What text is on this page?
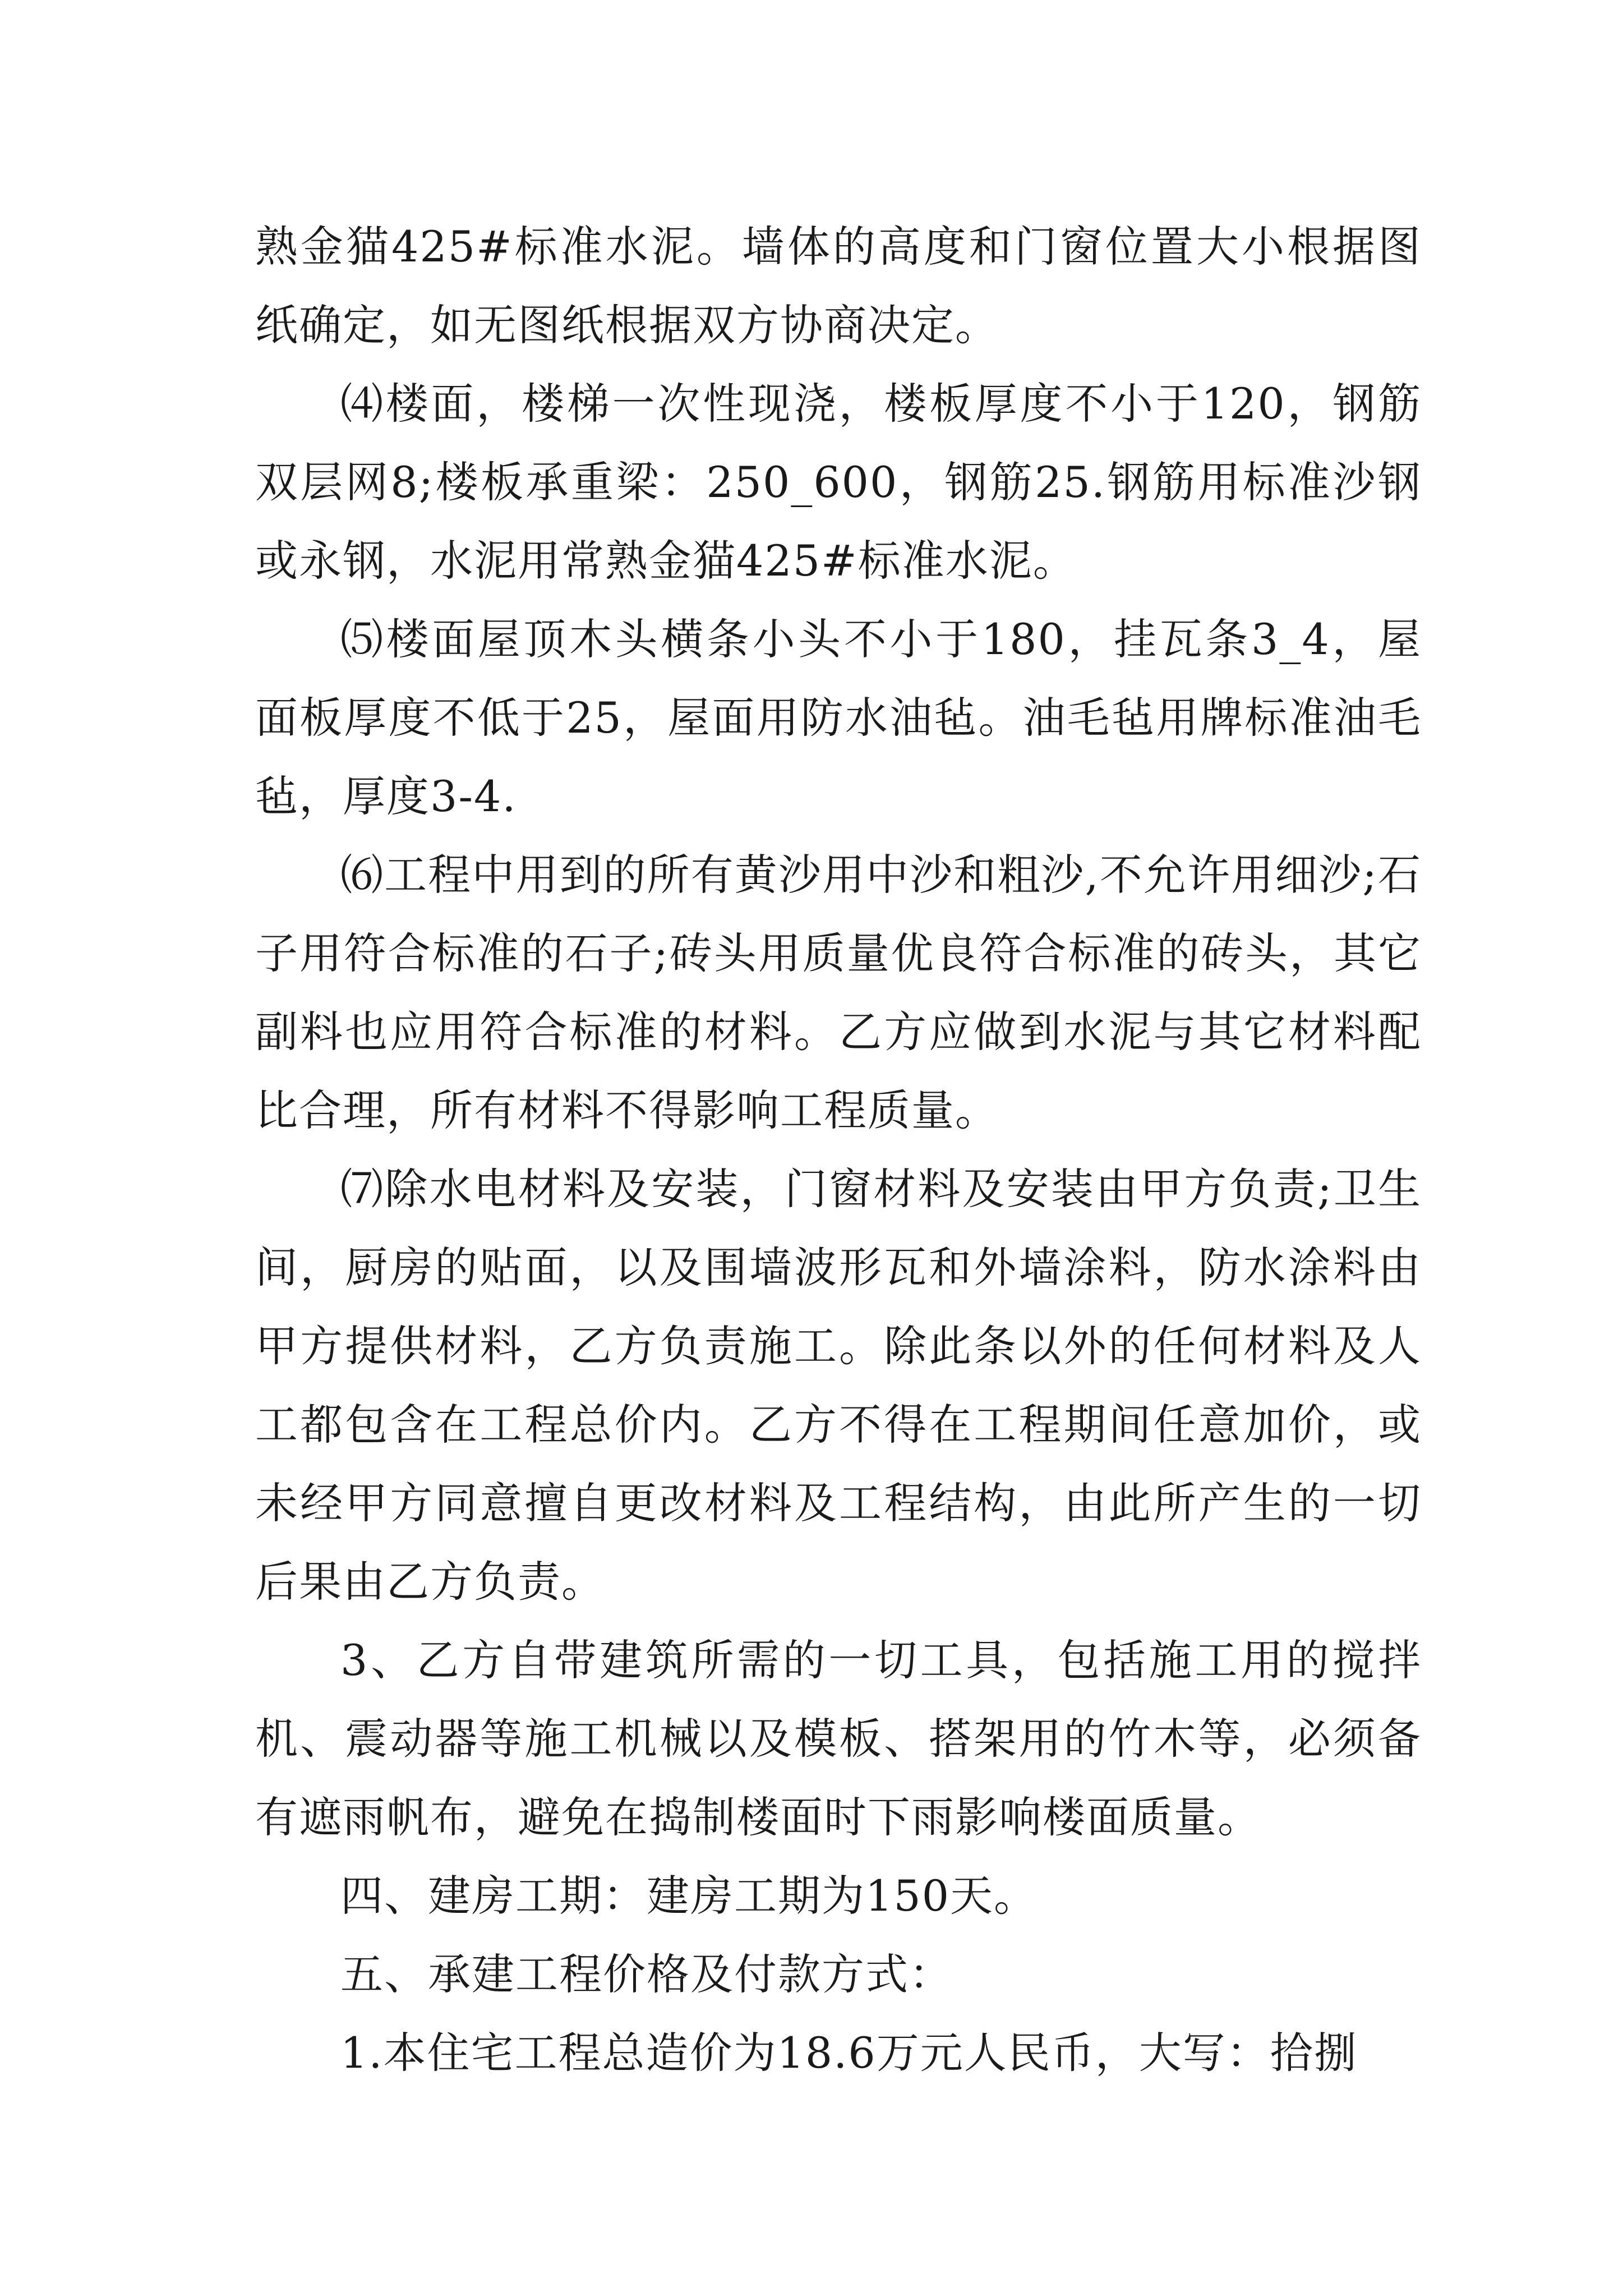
熟金猫425#标准水泥。墙体的高度和门窗位置大小根据图纸确定，如无图纸根据双方协商决定。

⑷楼面，楼梯一次性现浇，楼板厚度不小于120，钢筋双层网8;楼板承重梁：250_600，钢筋25.钢筋用标准沙钢或永钢，水泥用常熟金猫425#标准水泥。

⑸楼面屋顶木头横条小头不小于180，挂瓦条3_4，屋面板厚度不低于25，屋面用防水油毡。油毛毡用牌标准油毛毡，厚度3-4.

⑹工程中用到的所有黄沙用中沙和粗沙,不允许用细沙;石子用符合标准的石子;砖头用质量优良符合标准的砖头，其它副料也应用符合标准的材料。乙方应做到水泥与其它材料配比合理，所有材料不得影响工程质量。

⑺除水电材料及安装，门窗材料及安装由甲方负责;卫生间，厨房的贴面，以及围墙波形瓦和外墙涂料，防水涂料由甲方提供材料，乙方负责施工。除此条以外的任何材料及人工都包含在工程总价内。乙方不得在工程期间任意加价，或未经甲方同意擅自更改材料及工程结构，由此所产生的一切后果由乙方负责。

3、乙方自带建筑所需的一切工具，包括施工用的搅拌机、震动器等施工机械以及模板、搭架用的竹木等，必须备有遮雨帆布，避免在捣制楼面时下雨影响楼面质量。

四、建房工期：建房工期为150天。

五、承建工程价格及付款方式：

1.本住宅工程总造价为18.6万元人民币，大写：拾捌
